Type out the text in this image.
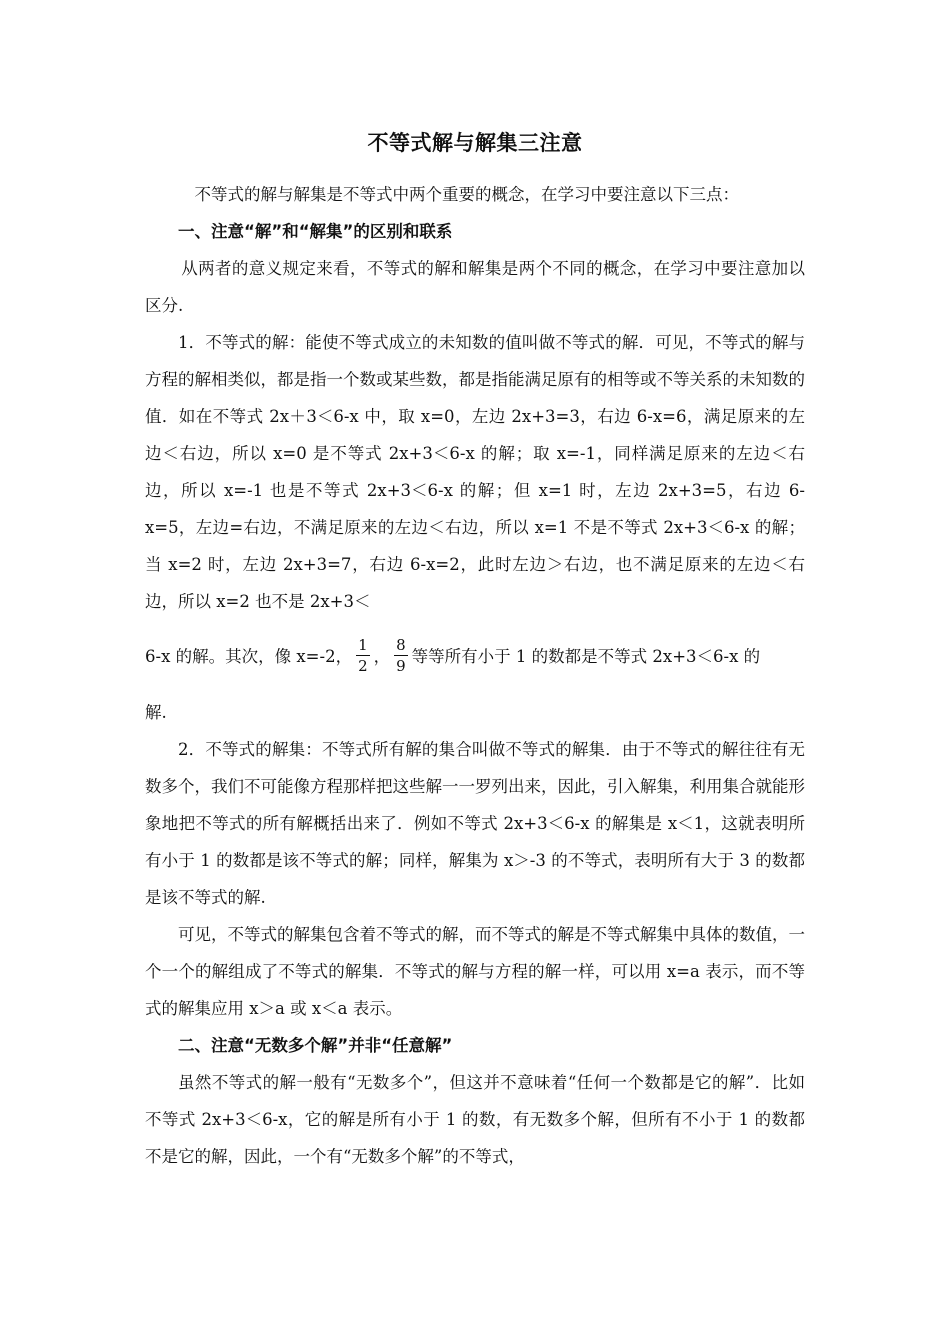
不等式解与解集三注意

不等式的解与解集是不等式中两个重要的概念，在学习中要注意以下三点：

一、注意“解”和“解集”的区别和联系

从两者的意义规定来看，不等式的解和解集是两个不同的概念，在学习中要注意加以区分.

1．不等式的解：能使不等式成立的未知数的值叫做不等式的解．可见，不等式的解与方程的解相类似，都是指一个数或某些数，都是指能满足原有的相等或不等关系的未知数的值．如在不等式 2x＋3＜6-x 中，取 x=0，左边 2x+3=3，右边 6-x=6，满足原来的左边＜右边，所以 x=0 是不等式 2x+3＜6-x 的解；取 x=-1，同样满足原来的左边＜右边，所以 x=-1 也是不等式 2x+3＜6-x 的解；但 x=1 时，左边 2x+3=5，右边 6-x=5，左边=右边，不满足原来的左边＜右边，所以 x=1 不是不等式 2x+3＜6-x 的解；当 x=2 时，左边 2x+3=7，右边 6-x=2，此时左边＞右边，也不满足原来的左边＜右边，所以 x=2 也不是 2x+3＜

6-x 的解。其次，像 x=-2， $\frac{1}{2}$ ， $\frac{8}{9}$ 等等所有小于 1 的数都是不等式 2x+3＜6-x 的

解.

2．不等式的解集：不等式所有解的集合叫做不等式的解集．由于不等式的解往往有无数多个，我们不可能像方程那样把这些解一一罗列出来，因此，引入解集，利用集合就能形象地把不等式的所有解概括出来了．例如不等式 2x+3＜6-x 的解集是 x＜1，这就表明所有小于 1 的数都是该不等式的解；同样，解集为 x＞-3 的不等式，表明所有大于 3 的数都是该不等式的解.

可见，不等式的解集包含着不等式的解，而不等式的解是不等式解集中具体的数值，一个一个的解组成了不等式的解集．不等式的解与方程的解一样，可以用 x=a 表示，而不等式的解集应用 x＞a 或 x＜a 表示。

二、注意“无数多个解”并非“任意解”

虽然不等式的解一般有“无数多个”，但这并不意味着“任何一个数都是它的解”．比如不等式 2x+3＜6-x，它的解是所有小于 1 的数，有无数多个解，但所有不小于 1 的数都不是它的解，因此，一个有“无数多个解”的不等式，
